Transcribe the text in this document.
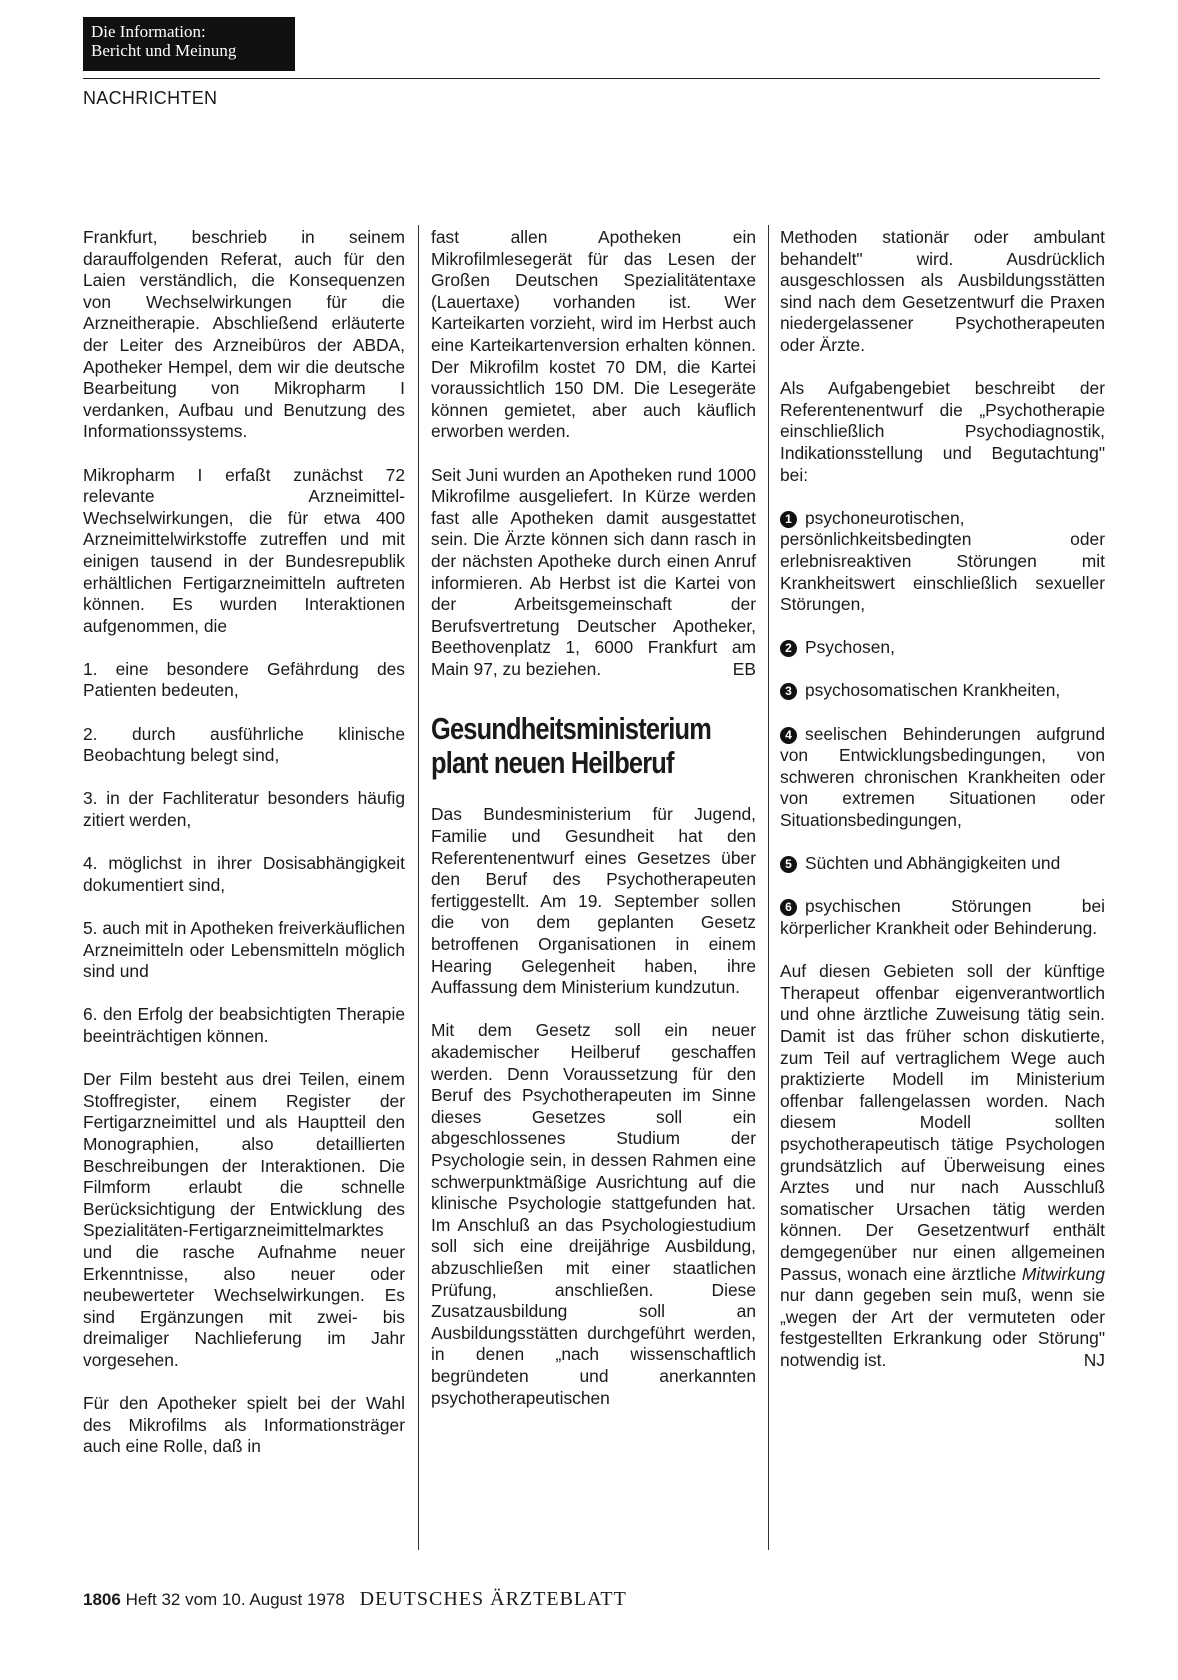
Die Information:
Bericht und Meinung
NACHRICHTEN

Frankfurt, beschrieb in seinem darauffolgenden Referat, auch für den Laien verständlich, die Konsequenzen von Wechselwirkungen für die Arzneitherapie. Abschließend erläuterte der Leiter des Arzneibüros der ABDA, Apotheker Hempel, dem wir die deutsche Bearbeitung von Mikropharm I verdanken, Aufbau und Benutzung des Informationssystems.

Mikropharm I erfaßt zunächst 72 relevante Arzneimittel-Wechselwirkungen, die für etwa 400 Arzneimittelwirkstoffe zutreffen und mit einigen tausend in der Bundesrepublik erhältlichen Fertigarzneimitteln auftreten können. Es wurden Interaktionen aufgenommen, die

1. eine besondere Gefährdung des Patienten bedeuten,

2. durch ausführliche klinische Beobachtung belegt sind,

3. in der Fachliteratur besonders häufig zitiert werden,

4. möglichst in ihrer Dosisabhängigkeit dokumentiert sind,

5. auch mit in Apotheken freiverkäuflichen Arzneimitteln oder Lebensmitteln möglich sind und

6. den Erfolg der beabsichtigten Therapie beeinträchtigen können.

Der Film besteht aus drei Teilen, einem Stoffregister, einem Register der Fertigarzneimittel und als Hauptteil den Monographien, also detaillierten Beschreibungen der Interaktionen. Die Filmform erlaubt die schnelle Berücksichtigung der Entwicklung des Spezialitäten-Fertigarzneimittelmarktes und die rasche Aufnahme neuer Erkenntnisse, also neuer oder neubewerteter Wechselwirkungen. Es sind Ergänzungen mit zwei- bis dreimaliger Nachlieferung im Jahr vorgesehen.

Für den Apotheker spielt bei der Wahl des Mikrofilms als Informationsträger auch eine Rolle, daß in

fast allen Apotheken ein Mikrofilmlesegerät für das Lesen der Großen Deutschen Spezialitätentaxe (Lauertaxe) vorhanden ist. Wer Karteikarten vorzieht, wird im Herbst auch eine Karteikartenversion erhalten können. Der Mikrofilm kostet 70 DM, die Kartei voraussichtlich 150 DM. Die Lesegeräte können gemietet, aber auch käuflich erworben werden.

Seit Juni wurden an Apotheken rund 1000 Mikrofilme ausgeliefert. In Kürze werden fast alle Apotheken damit ausgestattet sein. Die Ärzte können sich dann rasch in der nächsten Apotheke durch einen Anruf informieren. Ab Herbst ist die Kartei von der Arbeitsgemeinschaft der Berufsvertretung Deutscher Apotheker, Beethovenplatz 1, 6000 Frankfurt am Main 97, zu beziehen.	EB

Gesundheitsministerium
plant neuen Heilberuf

Das Bundesministerium für Jugend, Familie und Gesundheit hat den Referentenentwurf eines Gesetzes über den Beruf des Psychotherapeuten fertiggestellt. Am 19. September sollen die von dem geplanten Gesetz betroffenen Organisationen in einem Hearing Gelegenheit haben, ihre Auffassung dem Ministerium kundzutun.

Mit dem Gesetz soll ein neuer akademischer Heilberuf geschaffen werden. Denn Voraussetzung für den Beruf des Psychotherapeuten im Sinne dieses Gesetzes soll ein abgeschlossenes Studium der Psychologie sein, in dessen Rahmen eine schwerpunktmäßige Ausrichtung auf die klinische Psychologie stattgefunden hat. Im Anschluß an das Psychologiestudium soll sich eine dreijährige Ausbildung, abzuschließen mit einer staatlichen Prüfung, anschließen. Diese Zusatzausbildung soll an Ausbildungsstätten durchgeführt werden, in denen „nach wissenschaftlich begründeten und anerkannten psychotherapeutischen

Methoden stationär oder ambulant behandelt" wird. Ausdrücklich ausgeschlossen als Ausbildungsstätten sind nach dem Gesetzentwurf die Praxen niedergelassener Psychotherapeuten oder Ärzte.

Als Aufgabengebiet beschreibt der Referentenentwurf die „Psychotherapie einschließlich Psychodiagnostik, Indikationsstellung und Begutachtung" bei:

1 psychoneurotischen, persönlichkeitsbedingten oder erlebnisreaktiven Störungen mit Krankheitswert einschließlich sexueller Störungen,

2 Psychosen,

3 psychosomatischen Krankheiten,

4 seelischen Behinderungen aufgrund von Entwicklungsbedingungen, von schweren chronischen Krankheiten oder von extremen Situationen oder Situationsbedingungen,

5 Süchten und Abhängigkeiten und

6 psychischen Störungen bei körperlicher Krankheit oder Behinderung.

Auf diesen Gebieten soll der künftige Therapeut offenbar eigenverantwortlich und ohne ärztliche Zuweisung tätig sein. Damit ist das früher schon diskutierte, zum Teil auf vertraglichem Wege auch praktizierte Modell im Ministerium offenbar fallengelassen worden. Nach diesem Modell sollten psychotherapeutisch tätige Psychologen grundsätzlich auf Überweisung eines Arztes und nur nach Ausschluß somatischer Ursachen tätig werden können. Der Gesetzentwurf enthält demgegenüber nur einen allgemeinen Passus, wonach eine ärztliche Mitwirkung nur dann gegeben sein muß, wenn sie „wegen der Art der vermuteten oder festgestellten Erkrankung oder Störung" notwendig ist.	NJ

1806 Heft 32 vom 10. August 1978 DEUTSCHES ÄRZTEBLATT
